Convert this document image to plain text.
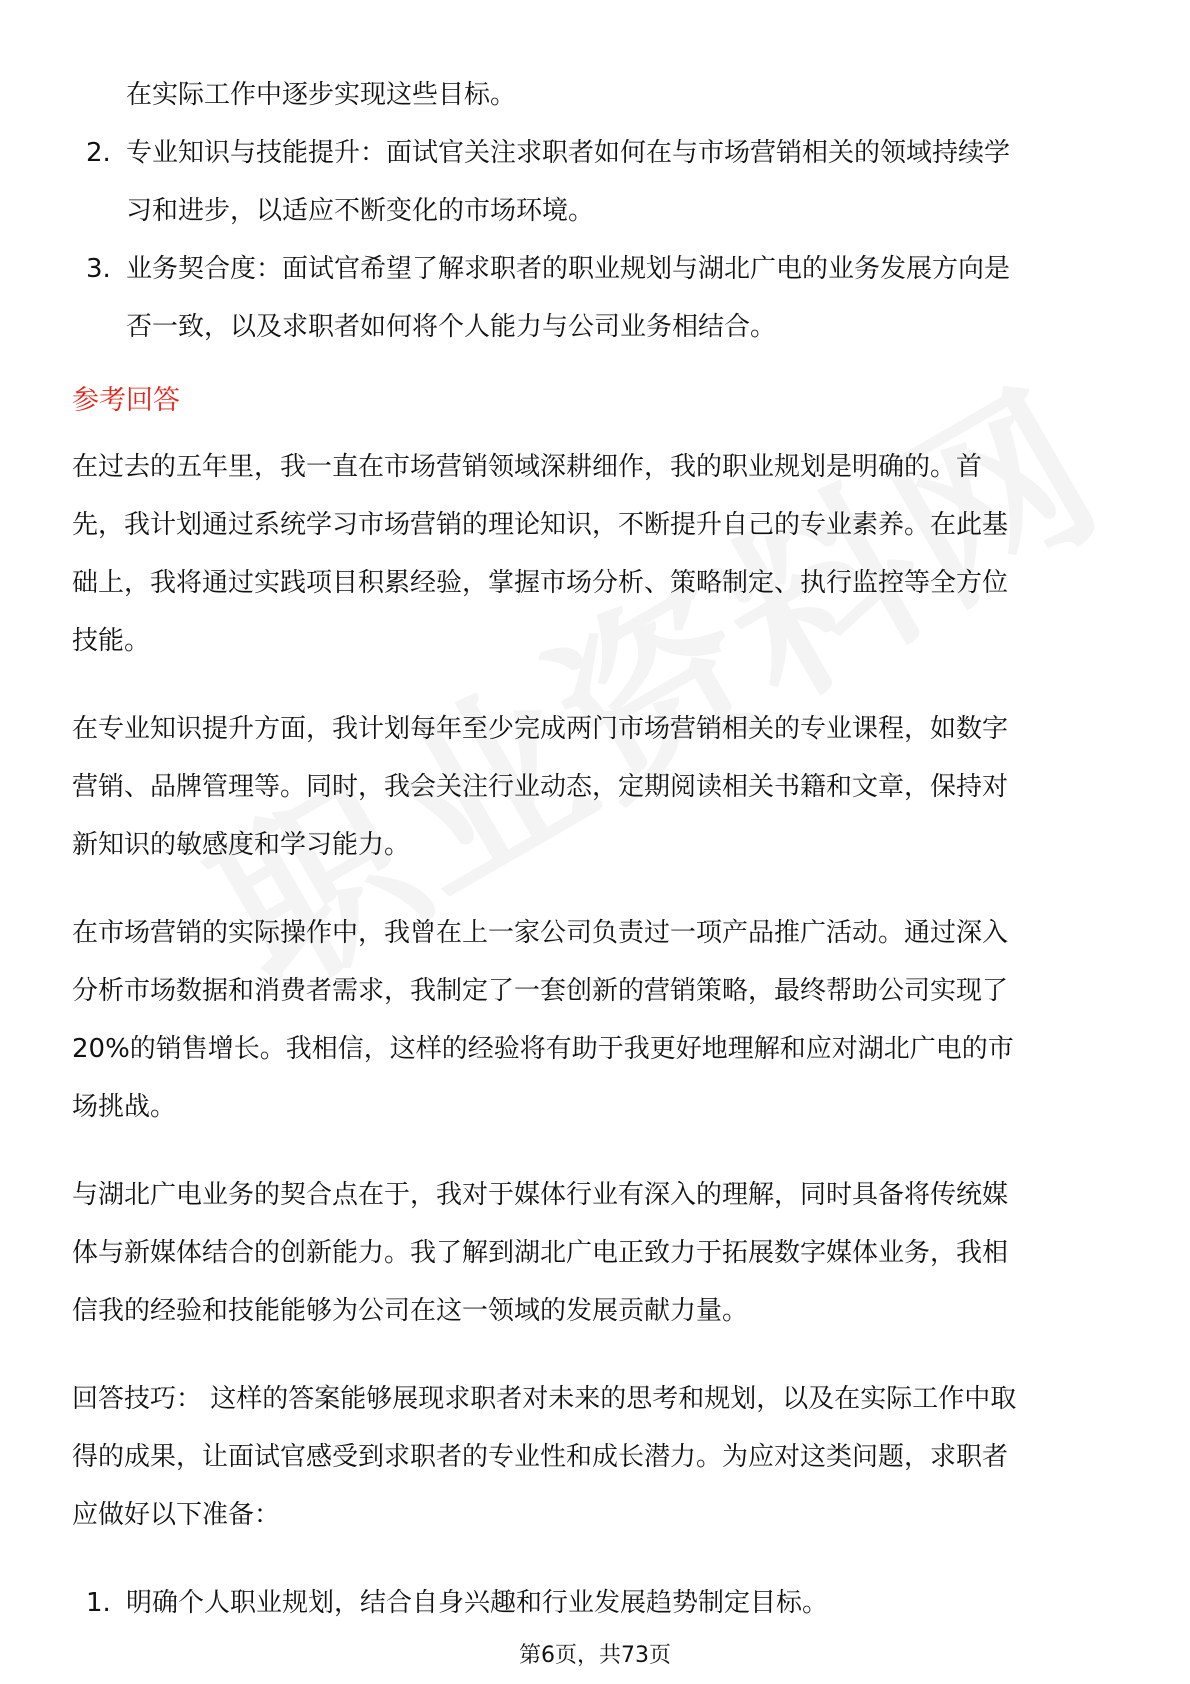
在实际工作中逐步实现这些目标。
2. 专业知识与技能提升：面试官关注求职者如何在与市场营销相关的领域持续学
习和进步，以适应不断变化的市场环境。
3. 业务契合度：面试官希望了解求职者的职业规划与湖北广电的业务发展方向是
否一致，以及求职者如何将个人能力与公司业务相结合。
参考回答
在过去的五年里，我一直在市场营销领域深耕细作，我的职业规划是明确的。首
先，我计划通过系统学习市场营销的理论知识，不断提升自己的专业素养。在此基
础上，我将通过实践项目积累经验，掌握市场分析、策略制定、执行监控等全方位
技能。
在专业知识提升方面，我计划每年至少完成两门市场营销相关的专业课程，如数字
营销、品牌管理等。同时，我会关注行业动态，定期阅读相关书籍和文章，保持对
新知识的敏感度和学习能力。
在市场营销的实际操作中，我曾在上一家公司负责过一项产品推广活动。通过深入
分析市场数据和消费者需求，我制定了一套创新的营销策略，最终帮助公司实现了
20%的销售增长。我相信，这样的经验将有助于我更好地理解和应对湖北广电的市
场挑战。
与湖北广电业务的契合点在于，我对于媒体行业有深入的理解，同时具备将传统媒
体与新媒体结合的创新能力。我了解到湖北广电正致力于拓展数字媒体业务，我相
信我的经验和技能能够为公司在这一领域的发展贡献力量。
回答技巧： 这样的答案能够展现求职者对未来的思考和规划，以及在实际工作中取
得的成果，让面试官感受到求职者的专业性和成长潜力。为应对这类问题，求职者
应做好以下准备：
1. 明确个人职业规划，结合自身兴趣和行业发展趋势制定目标。
第6页，共73页
